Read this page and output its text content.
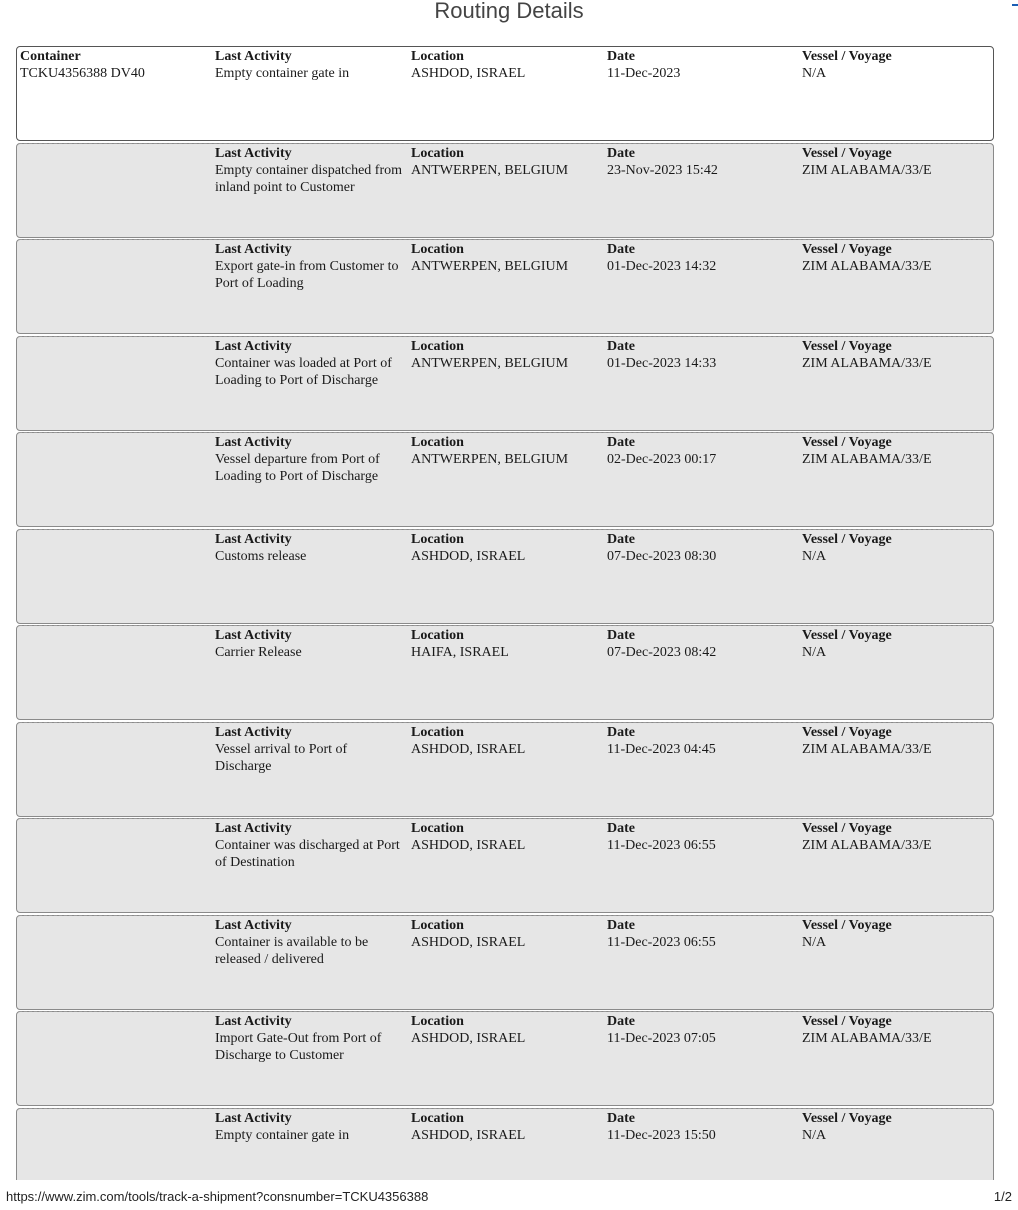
Routing Details
Container
TCKU4356388 DV40
Last Activity
Empty container gate in
Location
ASHDOD, ISRAEL
Date
11-Dec-2023
Vessel / Voyage
N/A
Last Activity
Empty container dispatched from inland point to Customer
Location
ANTWERPEN, BELGIUM
Date
23-Nov-2023 15:42
Vessel / Voyage
ZIM ALABAMA/33/E
Last Activity
Export gate-in from Customer to Port of Loading
Location
ANTWERPEN, BELGIUM
Date
01-Dec-2023 14:32
Vessel / Voyage
ZIM ALABAMA/33/E
Last Activity
Container was loaded at Port of Loading to Port of Discharge
Location
ANTWERPEN, BELGIUM
Date
01-Dec-2023 14:33
Vessel / Voyage
ZIM ALABAMA/33/E
Last Activity
Vessel departure from Port of Loading to Port of Discharge
Location
ANTWERPEN, BELGIUM
Date
02-Dec-2023 00:17
Vessel / Voyage
ZIM ALABAMA/33/E
Last Activity
Customs release
Location
ASHDOD, ISRAEL
Date
07-Dec-2023 08:30
Vessel / Voyage
N/A
Last Activity
Carrier Release
Location
HAIFA, ISRAEL
Date
07-Dec-2023 08:42
Vessel / Voyage
N/A
Last Activity
Vessel arrival to Port of Discharge
Location
ASHDOD, ISRAEL
Date
11-Dec-2023 04:45
Vessel / Voyage
ZIM ALABAMA/33/E
Last Activity
Container was discharged at Port of Destination
Location
ASHDOD, ISRAEL
Date
11-Dec-2023 06:55
Vessel / Voyage
ZIM ALABAMA/33/E
Last Activity
Container is available to be released / delivered
Location
ASHDOD, ISRAEL
Date
11-Dec-2023 06:55
Vessel / Voyage
N/A
Last Activity
Import Gate-Out from Port of Discharge to Customer
Location
ASHDOD, ISRAEL
Date
11-Dec-2023 07:05
Vessel / Voyage
ZIM ALABAMA/33/E
Last Activity
Empty container gate in
Location
ASHDOD, ISRAEL
Date
11-Dec-2023 15:50
Vessel / Voyage
N/A
https://www.zim.com/tools/track-a-shipment?consnumber=TCKU4356388	1/2
